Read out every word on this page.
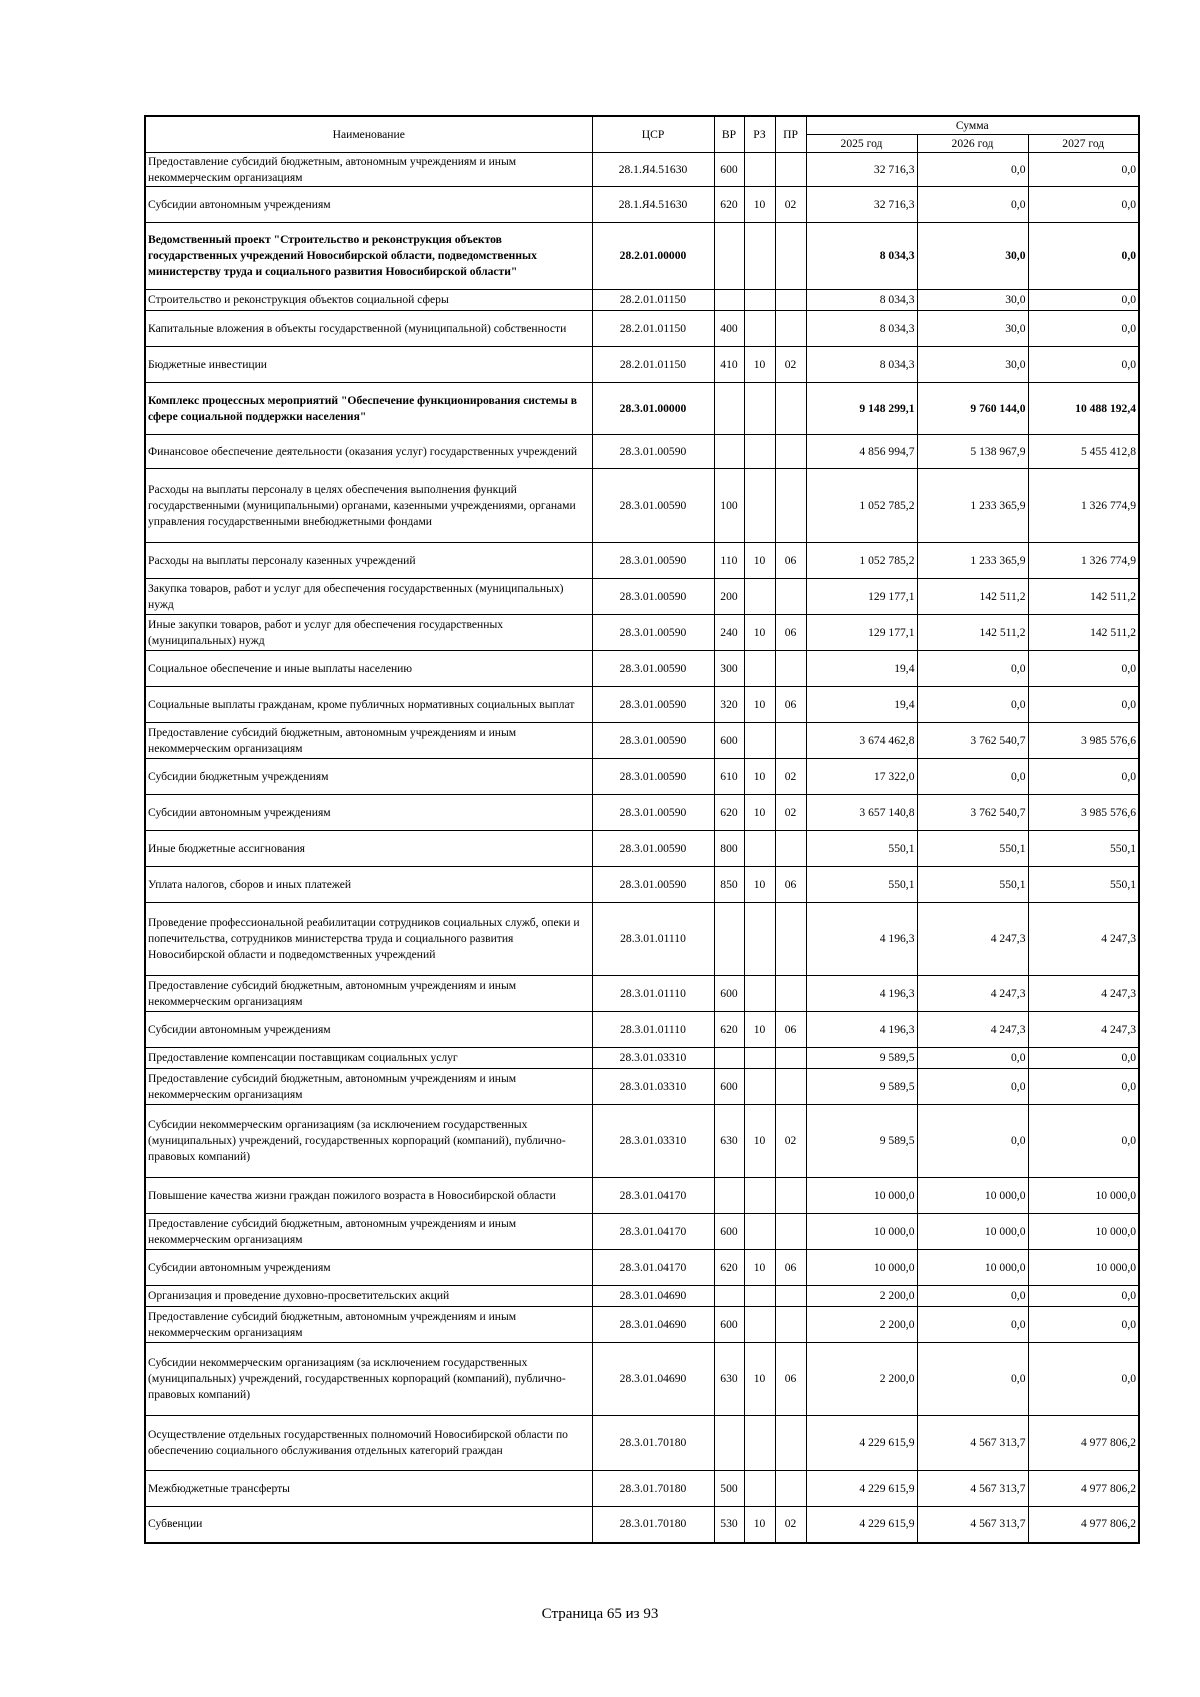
Наименование	ЦСР	ВР	РЗ	ПР	Сумма		
					2025 год	2026 год	2027 год
Предоставление субсидий бюджетным, автономным учреждениям и иным некоммерческим организациям	28.1.Я4.51630	600			32 716,3	0,0	0,0
Субсидии автономным учреждениям	28.1.Я4.51630	620	10	02	32 716,3	0,0	0,0
Ведомственный проект "Строительство и реконструкция объектов государственных учреждений Новосибирской области, подведомственных министерству труда и социального развития Новосибирской области"	28.2.01.00000				8 034,3	30,0	0,0
Строительство и реконструкция объектов социальной сферы	28.2.01.01150				8 034,3	30,0	0,0
Капитальные вложения в объекты государственной (муниципальной) собственности	28.2.01.01150	400			8 034,3	30,0	0,0
Бюджетные инвестиции	28.2.01.01150	410	10	02	8 034,3	30,0	0,0
Комплекс процессных мероприятий "Обеспечение функционирования системы в сфере социальной поддержки населения"	28.3.01.00000				9 148 299,1	9 760 144,0	10 488 192,4
Финансовое обеспечение деятельности (оказания услуг) государственных учреждений	28.3.01.00590				4 856 994,7	5 138 967,9	5 455 412,8
Расходы на выплаты персоналу в целях обеспечения выполнения функций государственными (муниципальными) органами, казенными учреждениями, органами управления государственными внебюджетными фондами	28.3.01.00590	100			1 052 785,2	1 233 365,9	1 326 774,9
Расходы на выплаты персоналу казенных учреждений	28.3.01.00590	110	10	06	1 052 785,2	1 233 365,9	1 326 774,9
Закупка товаров, работ и услуг для обеспечения государственных (муниципальных) нужд	28.3.01.00590	200			129 177,1	142 511,2	142 511,2
Иные закупки товаров, работ и услуг для обеспечения государственных (муниципальных) нужд	28.3.01.00590	240	10	06	129 177,1	142 511,2	142 511,2
Социальное обеспечение и иные выплаты населению	28.3.01.00590	300			19,4	0,0	0,0
Социальные выплаты гражданам, кроме публичных нормативных социальных выплат	28.3.01.00590	320	10	06	19,4	0,0	0,0
Предоставление субсидий бюджетным, автономным учреждениям и иным некоммерческим организациям	28.3.01.00590	600			3 674 462,8	3 762 540,7	3 985 576,6
Субсидии бюджетным учреждениям	28.3.01.00590	610	10	02	17 322,0	0,0	0,0
Субсидии автономным учреждениям	28.3.01.00590	620	10	02	3 657 140,8	3 762 540,7	3 985 576,6
Иные бюджетные ассигнования	28.3.01.00590	800			550,1	550,1	550,1
Уплата налогов, сборов и иных платежей	28.3.01.00590	850	10	06	550,1	550,1	550,1
Проведение профессиональной реабилитации сотрудников социальных служб, опеки и попечительства, сотрудников министерства труда и социального развития Новосибирской области и подведомственных учреждений	28.3.01.01110				4 196,3	4 247,3	4 247,3
Предоставление субсидий бюджетным, автономным учреждениям и иным некоммерческим организациям	28.3.01.01110	600			4 196,3	4 247,3	4 247,3
Субсидии автономным учреждениям	28.3.01.01110	620	10	06	4 196,3	4 247,3	4 247,3
Предоставление компенсации поставщикам социальных услуг	28.3.01.03310				9 589,5	0,0	0,0
Предоставление субсидий бюджетным, автономным учреждениям и иным некоммерческим организациям	28.3.01.03310	600			9 589,5	0,0	0,0
Субсидии некоммерческим организациям (за исключением государственных (муниципальных) учреждений, государственных корпораций (компаний), публично-правовых компаний)	28.3.01.03310	630	10	02	9 589,5	0,0	0,0
Повышение качества жизни граждан пожилого возраста в Новосибирской области	28.3.01.04170				10 000,0	10 000,0	10 000,0
Предоставление субсидий бюджетным, автономным учреждениям и иным некоммерческим организациям	28.3.01.04170	600			10 000,0	10 000,0	10 000,0
Субсидии автономным учреждениям	28.3.01.04170	620	10	06	10 000,0	10 000,0	10 000,0
Организация и проведение духовно-просветительских акций	28.3.01.04690				2 200,0	0,0	0,0
Предоставление субсидий бюджетным, автономным учреждениям и иным некоммерческим организациям	28.3.01.04690	600			2 200,0	0,0	0,0
Субсидии некоммерческим организациям (за исключением государственных (муниципальных) учреждений, государственных корпораций (компаний), публично-правовых компаний)	28.3.01.04690	630	10	06	2 200,0	0,0	0,0
Осуществление отдельных государственных полномочий Новосибирской области по обеспечению социального обслуживания отдельных категорий граждан	28.3.01.70180				4 229 615,9	4 567 313,7	4 977 806,2
Межбюджетные трансферты	28.3.01.70180	500			4 229 615,9	4 567 313,7	4 977 806,2
Субвенции	28.3.01.70180	530	10	02	4 229 615,9	4 567 313,7	4 977 806,2
Страница 65 из 93
